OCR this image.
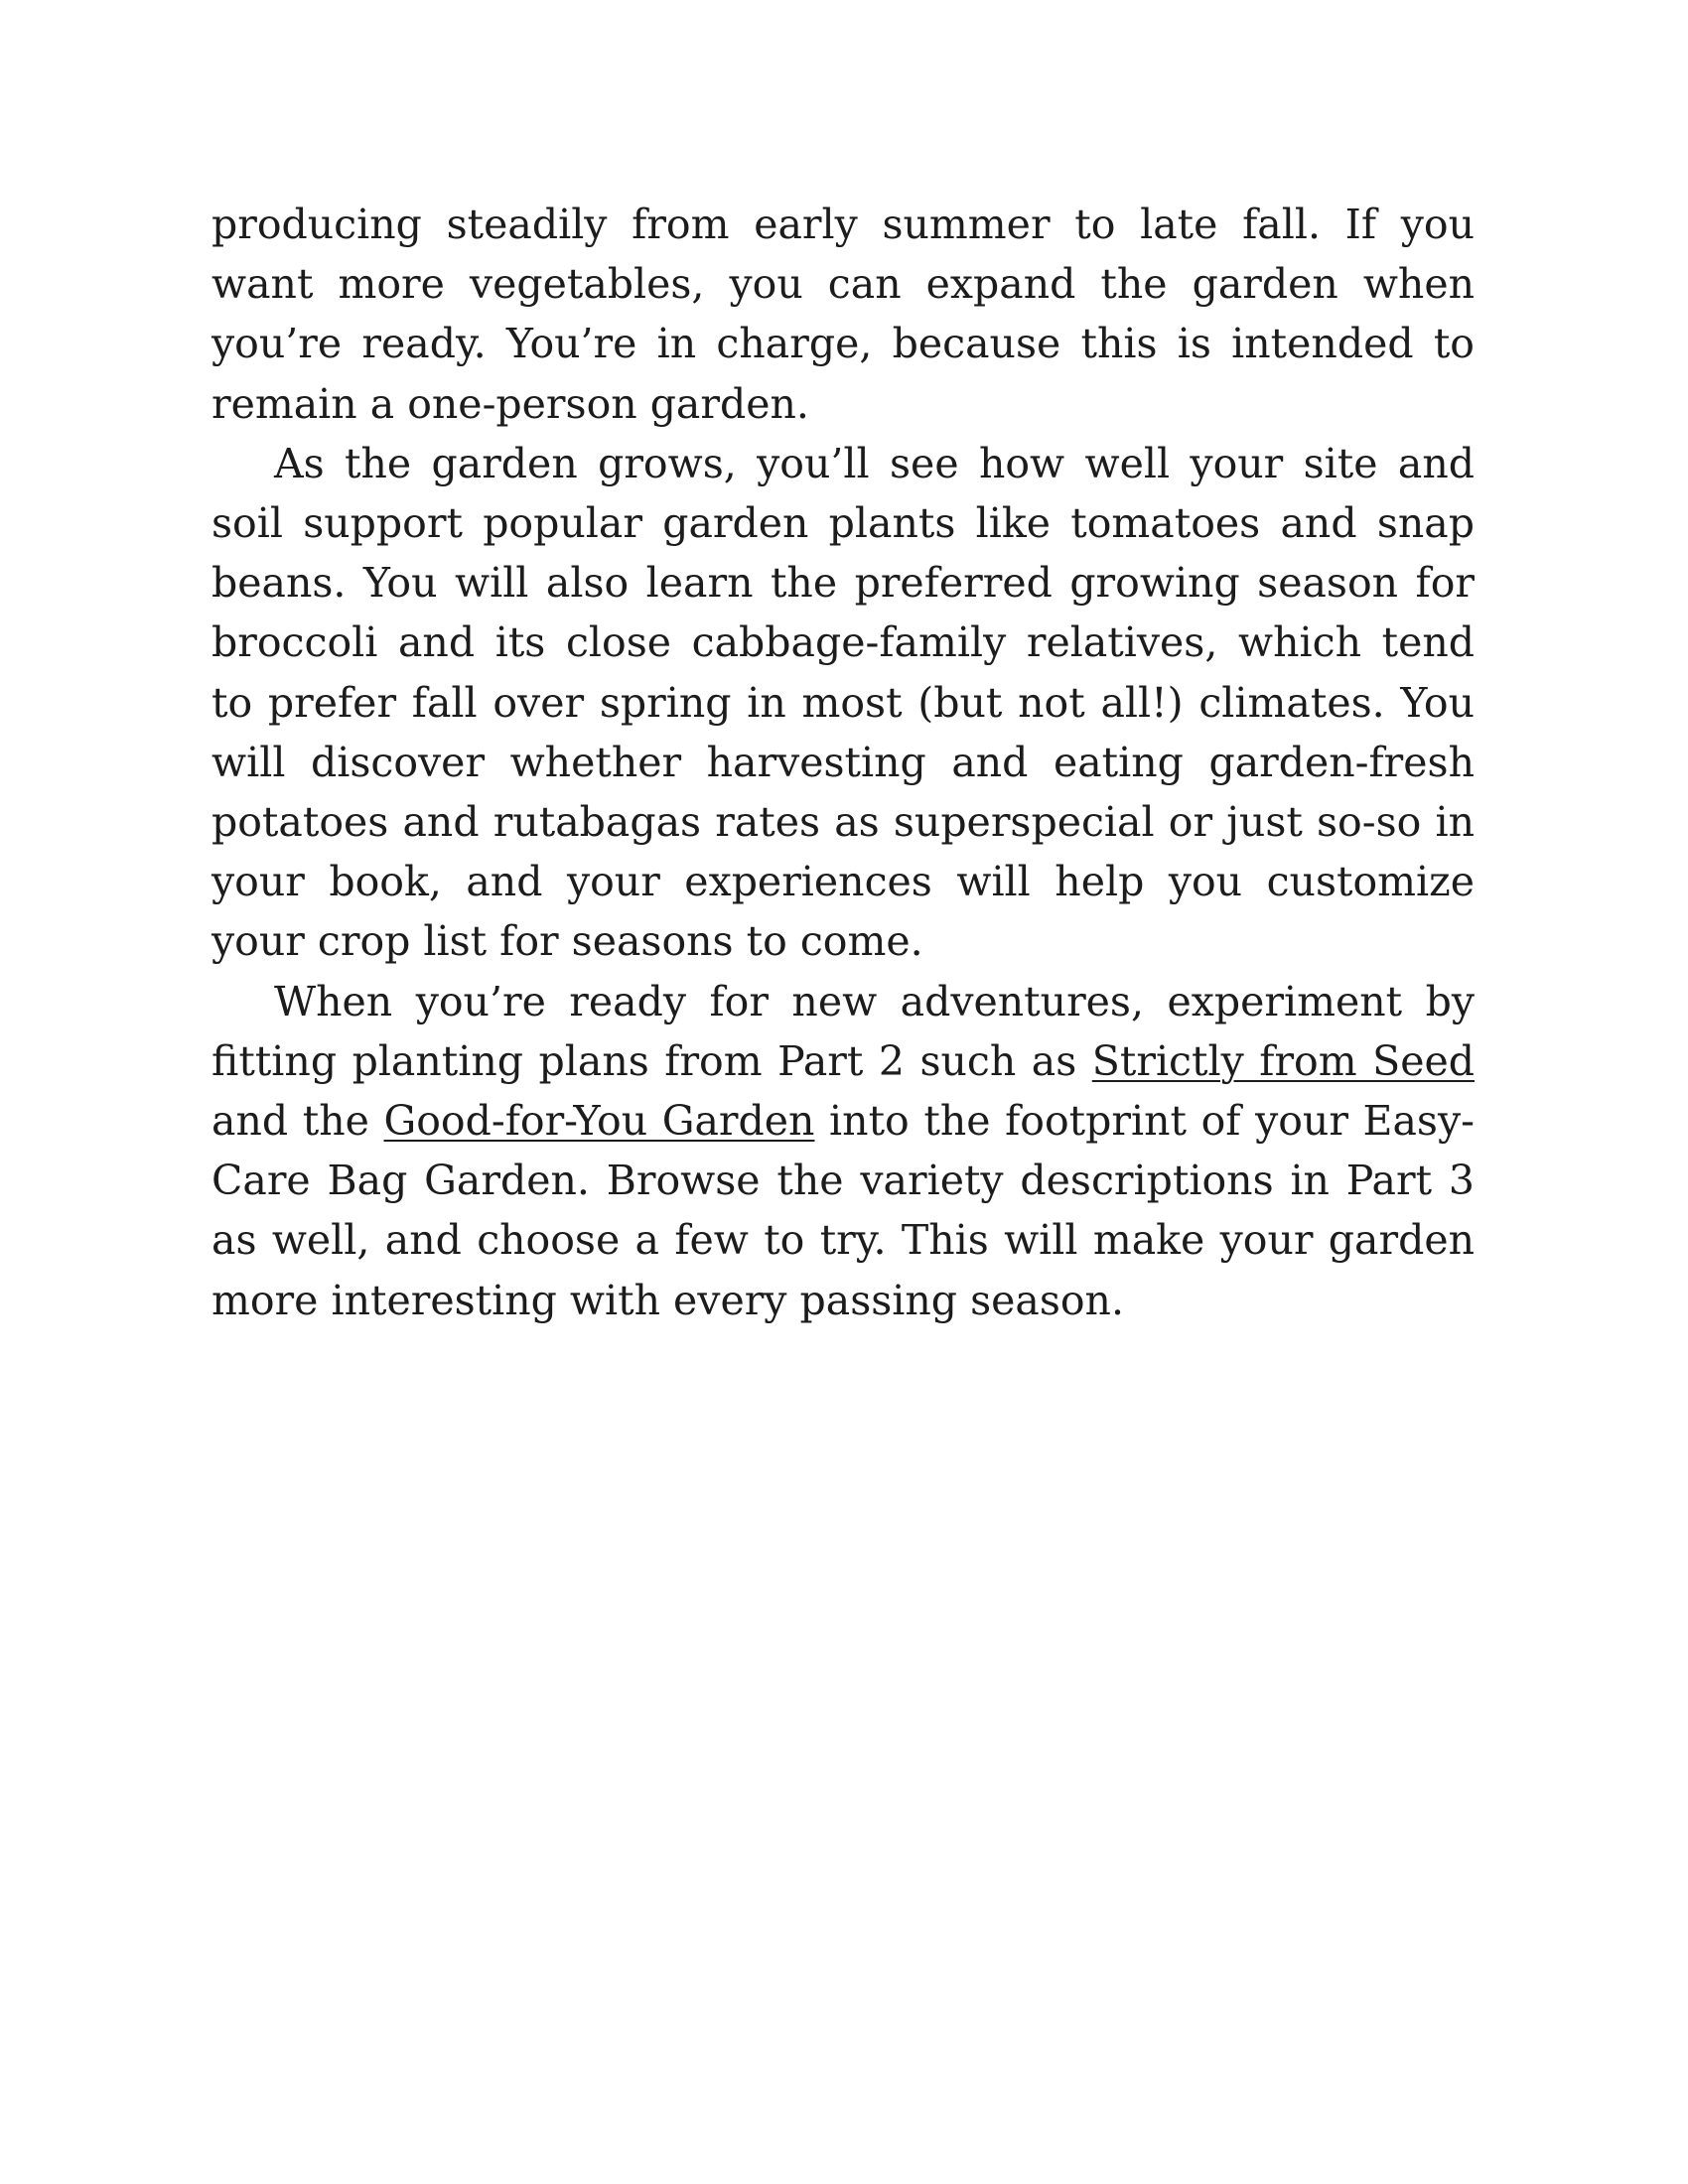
producing steadily from early summer to late fall. If you want more vegetables, you can expand the garden when you’re ready. You’re in charge, because this is intended to remain a one-person garden.

As the garden grows, you’ll see how well your site and soil support popular garden plants like tomatoes and snap beans. You will also learn the preferred growing season for broccoli and its close cabbage-family relatives, which tend to prefer fall over spring in most (but not all!) climates. You will discover whether harvesting and eating garden-fresh potatoes and rutabagas rates as superspecial or just so-so in your book, and your experiences will help you customize your crop list for seasons to come.

When you’re ready for new adventures, experiment by fitting planting plans from Part 2 such as Strictly from Seed and the Good-for-You Garden into the footprint of your Easy-Care Bag Garden. Browse the variety descriptions in Part 3 as well, and choose a few to try. This will make your garden more interesting with every passing season.
